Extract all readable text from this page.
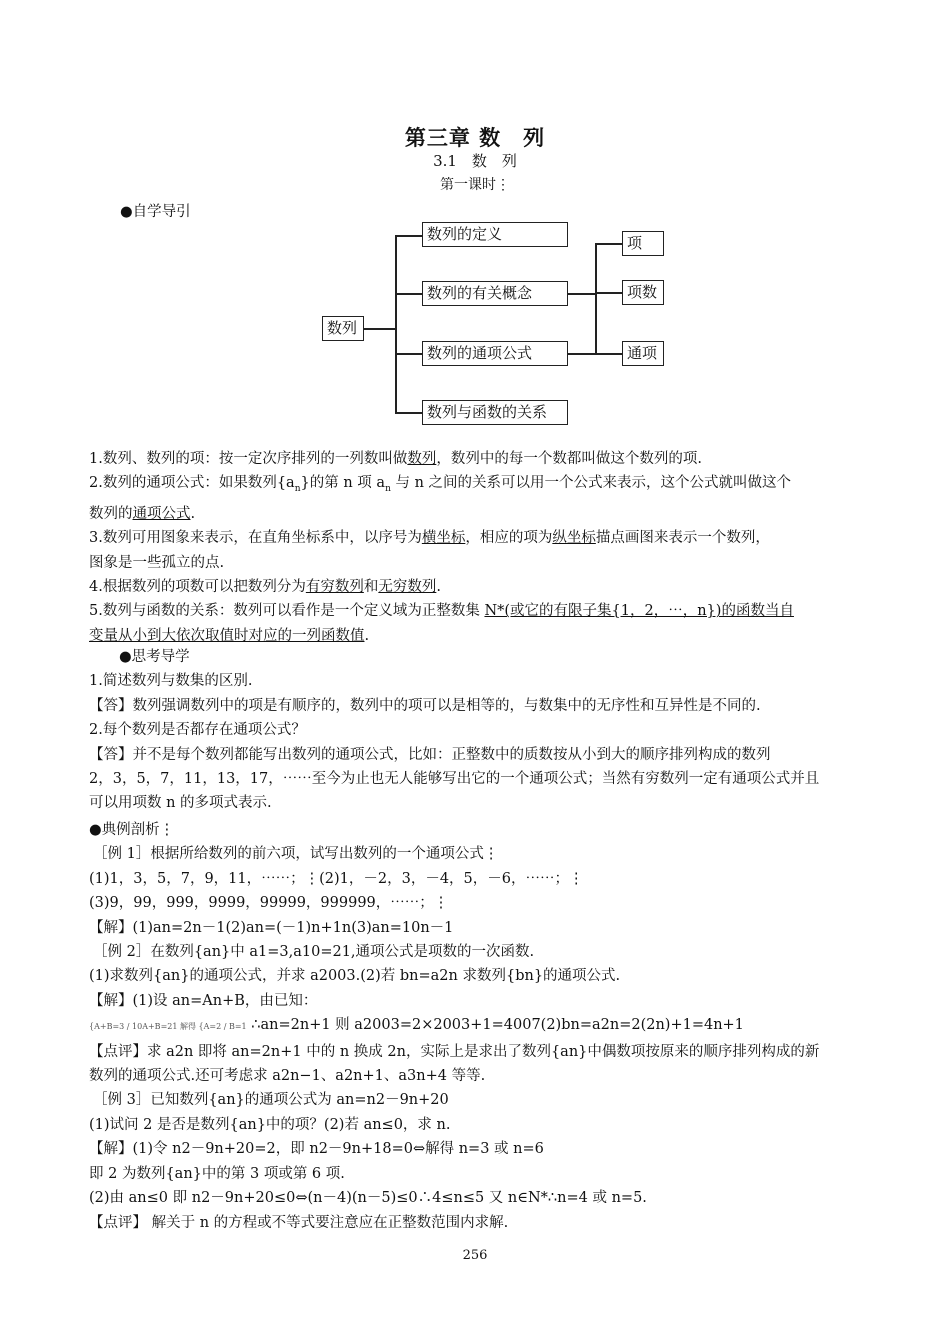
第三章 数　列
3.1　数　列
第一课时⋮
●自学导引
数列
数列的定义
数列的有关概念
数列的通项公式
数列与函数的关系
项
项数
通项
1.数列、数列的项：按一定次序排列的一列数叫做数列，数列中的每一个数都叫做这个数列的项.
2.数列的通项公式：如果数列$\{a_n\}$的第 n 项 $a_n$ 与 n 之间的关系可以用一个公式来表示，这个公式就叫做这个
数列的通项公式.
3.数列可用图象来表示，在直角坐标系中，以序号为横坐标，相应的项为纵坐标描点画图来表示一个数列，
图象是一些孤立的点.
4.根据数列的项数可以把数列分为有穷数列和无穷数列.
5.数列与函数的关系：数列可以看作是一个定义域为正整数集 N*(或它的有限子集{1，2，⋯，n})的函数当自
变量从小到大依次取值时对应的一列函数值.
●思考导学
1.简述数列与数集的区别.
【答】数列强调数列中的项是有顺序的，数列中的项可以是相等的，与数集中的无序性和互异性是不同的.
2.每个数列是否都存在通项公式？
【答】并不是每个数列都能写出数列的通项公式，比如：正整数中的质数按从小到大的顺序排列构成的数列
2，3，5，7，11，13，17，⋯⋯至今为止也无人能够写出它的一个通项公式；当然有穷数列一定有通项公式并且
可以用项数 n 的多项式表示.
●典例剖析⋮
［例 1］根据所给数列的前六项，试写出数列的一个通项公式⋮
(1)1，3，5，7，9，11，⋯⋯；⋮(2)1，－2，3，－4，5，－6，⋯⋯；⋮
(3)9，99，999，9999，99999，999999，⋯⋯；⋮
【解】(1)an=2n－1(2)an=(－1)n+1n(3)an=10n－1
［例 2］在数列{an}中 a1=3,a10=21,通项公式是项数的一次函数.
(1)求数列{an}的通项公式，并求 a2003.(2)若 bn=a2n 求数列{bn}的通项公式.
【解】(1)设 an=An+B，由已知：
{A+B=3 / 10A+B=21 解得 {A=2 / B=1 ∴an=2n+1 则 a2003=2×2003+1=4007(2)bn=a2n=2(2n)+1=4n+1
【点评】求 a2n 即将 an=2n+1 中的 n 换成 2n，实际上是求出了数列{an}中偶数项按原来的顺序排列构成的新
数列的通项公式.还可考虑求 a2n−1、a2n+1、a3n+4 等等.
［例 3］已知数列{an}的通项公式为 an=n2－9n+20
(1)试问 2 是否是数列{an}中的项？(2)若 an≤0，求 n.
【解】(1)令 n2－9n+20=2，即 n2－9n+18=0⇔解得 n=3 或 n=6
即 2 为数列{an}中的第 3 项或第 6 项.
(2)由 an≤0 即 n2－9n+20≤0⇔(n－4)(n－5)≤0∴4≤n≤5 又 n∈N*∴n=4 或 n=5.
【点评】 解关于 n 的方程或不等式要注意应在正整数范围内求解.
256
